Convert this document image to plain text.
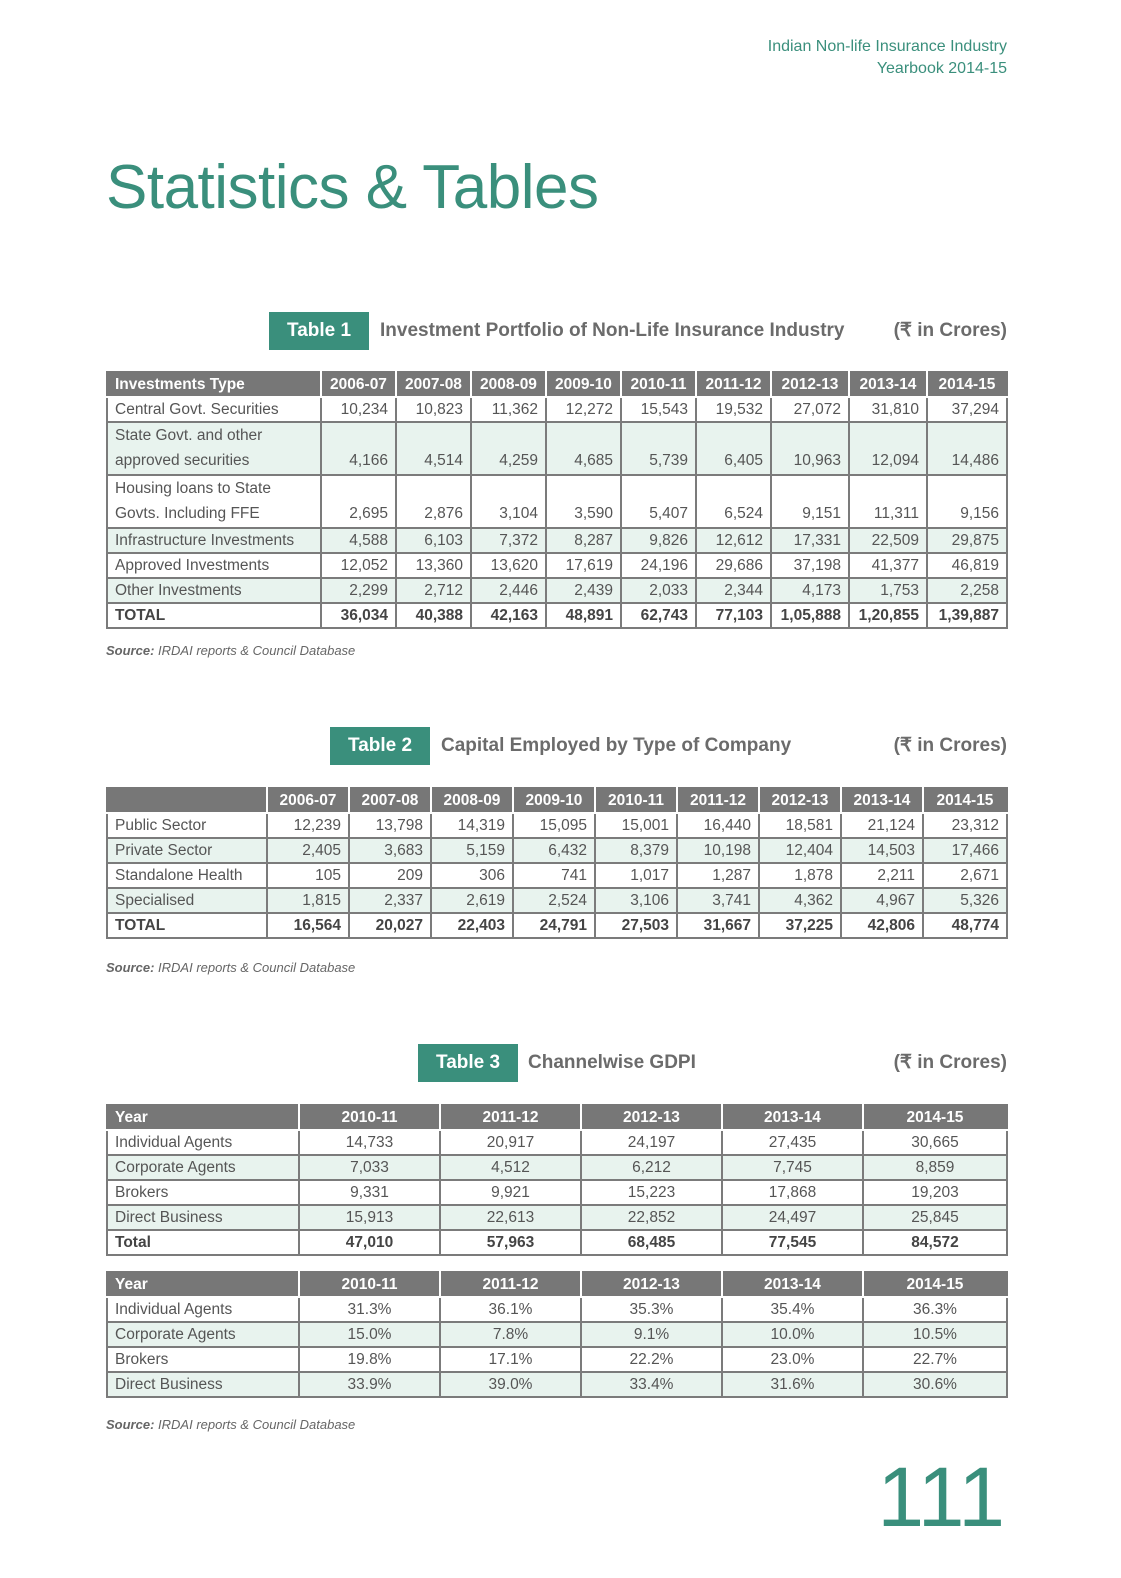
Indian Non-life Insurance Industry
Yearbook 2014-15
Statistics & Tables
Table 1	Investment Portfolio of Non-Life Insurance Industry	(₹ in Crores)
Investments Type	2006-07	2007-08	2008-09	2009-10	2010-11	2011-12	2012-13	2013-14	2014-15
Central Govt. Securities	10,234	10,823	11,362	12,272	15,543	19,532	27,072	31,810	37,294
State Govt. and other approved securities	4,166	4,514	4,259	4,685	5,739	6,405	10,963	12,094	14,486
Housing loans to State Govts. Including FFE	2,695	2,876	3,104	3,590	5,407	6,524	9,151	11,311	9,156
Infrastructure Investments	4,588	6,103	7,372	8,287	9,826	12,612	17,331	22,509	29,875
Approved Investments	12,052	13,360	13,620	17,619	24,196	29,686	37,198	41,377	46,819
Other Investments	2,299	2,712	2,446	2,439	2,033	2,344	4,173	1,753	2,258
TOTAL	36,034	40,388	42,163	48,891	62,743	77,103	1,05,888	1,20,855	1,39,887
Source: IRDAI reports & Council Database
Table 2	Capital Employed by Type of Company	(₹ in Crores)
	2006-07	2007-08	2008-09	2009-10	2010-11	2011-12	2012-13	2013-14	2014-15
Public Sector	12,239	13,798	14,319	15,095	15,001	16,440	18,581	21,124	23,312
Private Sector	2,405	3,683	5,159	6,432	8,379	10,198	12,404	14,503	17,466
Standalone Health	105	209	306	741	1,017	1,287	1,878	2,211	2,671
Specialised	1,815	2,337	2,619	2,524	3,106	3,741	4,362	4,967	5,326
TOTAL	16,564	20,027	22,403	24,791	27,503	31,667	37,225	42,806	48,774
Source: IRDAI reports & Council Database
Table 3	Channelwise GDPI	(₹ in Crores)
Year	2010-11	2011-12	2012-13	2013-14	2014-15
Individual Agents	14,733	20,917	24,197	27,435	30,665
Corporate Agents	7,033	4,512	6,212	7,745	8,859
Brokers	9,331	9,921	15,223	17,868	19,203
Direct Business	15,913	22,613	22,852	24,497	25,845
Total	47,010	57,963	68,485	77,545	84,572
Year	2010-11	2011-12	2012-13	2013-14	2014-15
Individual Agents	31.3%	36.1%	35.3%	35.4%	36.3%
Corporate Agents	15.0%	7.8%	9.1%	10.0%	10.5%
Brokers	19.8%	17.1%	22.2%	23.0%	22.7%
Direct Business	33.9%	39.0%	33.4%	31.6%	30.6%
Source: IRDAI reports & Council Database
111
